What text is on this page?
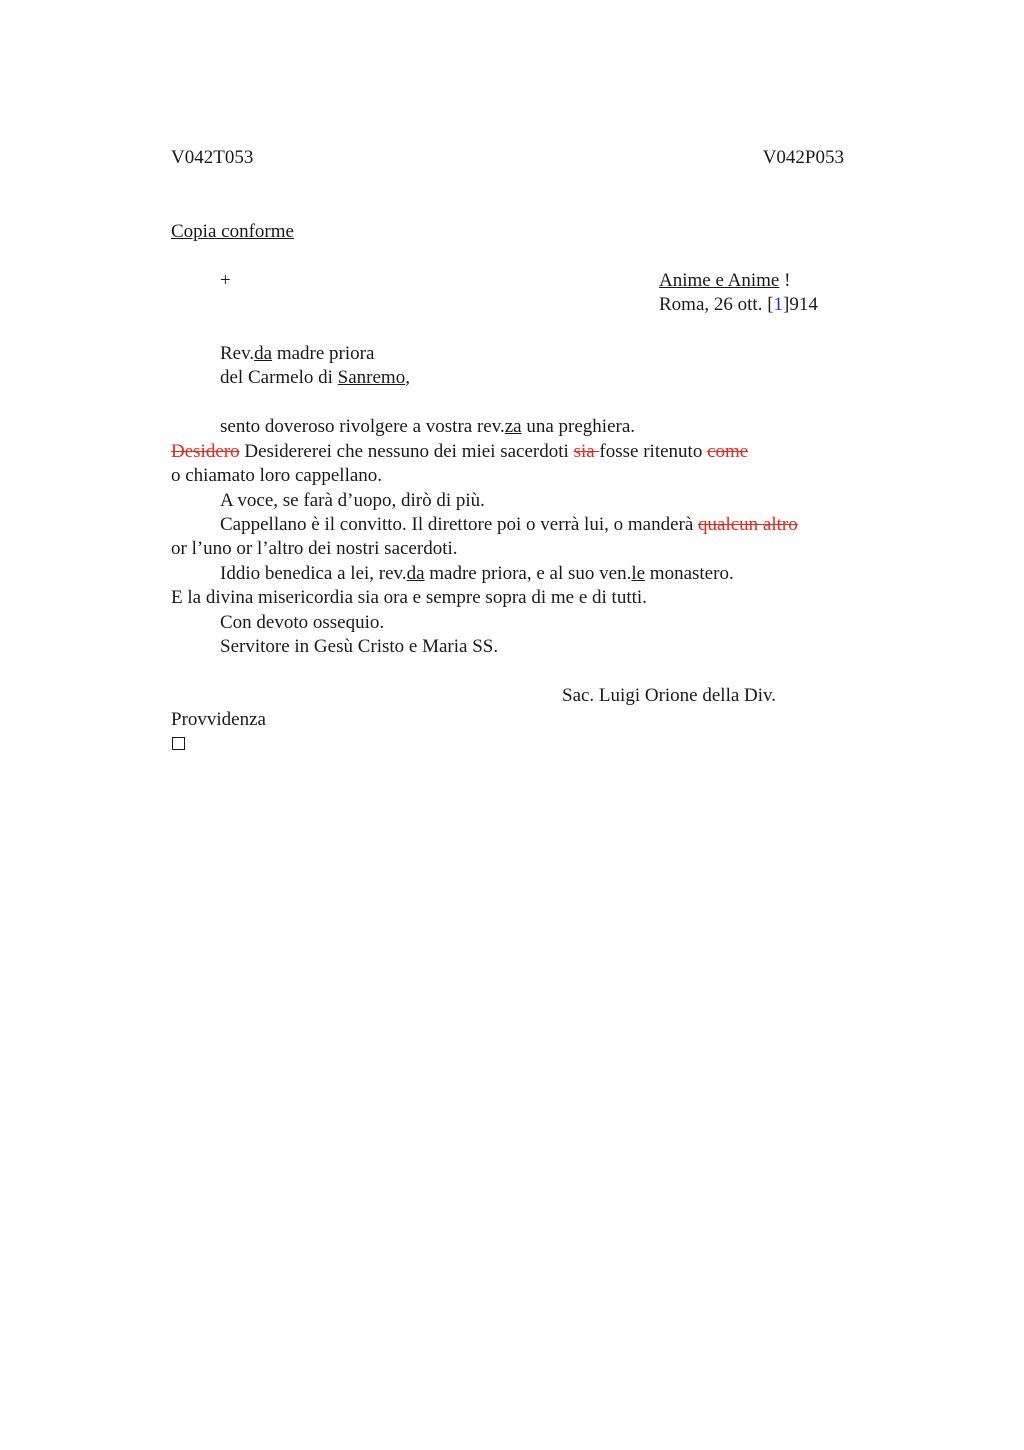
V042T053	V042P053
Copia conforme
+	Anime e Anime !
Roma, 26 ott. [1]914
Rev.da madre priora
del Carmelo di Sanremo,
sento doveroso rivolgere a vostra rev.za una preghiera.
Desidero Desidererei che nessuno dei miei sacerdoti sia fosse ritenuto come
o chiamato loro cappellano.
A voce, se farà d’uopo, dirò di più.
Cappellano è il convitto. Il direttore poi o verrà lui, o manderà qualcun altro
or l’uno or l’altro dei nostri sacerdoti.
Iddio benedica a lei, rev.da madre priora, e al suo ven.le monastero.
E la divina misericordia sia ora e sempre sopra di me e di tutti.
Con devoto ossequio.
Servitore in Gesù Cristo e Maria SS.
Sac. Luigi Orione della Div.
Provvidenza
